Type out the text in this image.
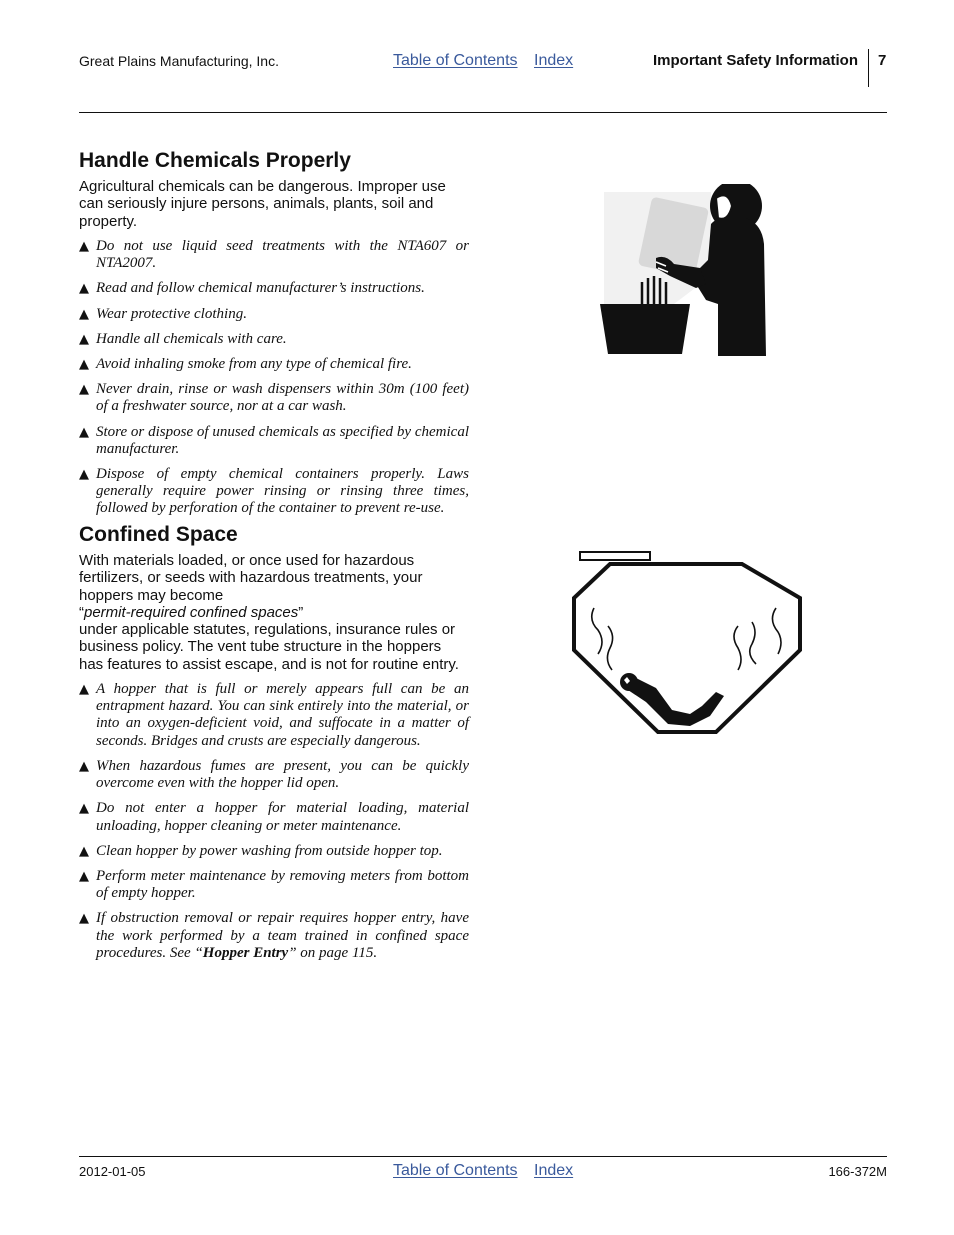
Great Plains Manufacturing, Inc.	Table of Contents Index	Important Safety Information 7
Handle Chemicals Properly

Agricultural chemicals can be dangerous. Improper use can seriously injure persons, animals, plants, soil and property.

▲ Do not use liquid seed treatments with the NTA607 or NTA2007.
▲ Read and follow chemical manufacturer’s instructions.
▲ Wear protective clothing.
▲ Handle all chemicals with care.
▲ Avoid inhaling smoke from any type of chemical fire.
▲ Never drain, rinse or wash dispensers within 30m (100 feet) of a freshwater source, nor at a car wash.
▲ Store or dispose of unused chemicals as specified by chemical manufacturer.
▲ Dispose of empty chemical containers properly. Laws generally require power rinsing or rinsing three times, followed by perforation of the container to prevent re-use.
Confined Space

With materials loaded, or once used for hazardous fertilizers, or seeds with hazardous treatments, your hoppers may become
“permit-required confined spaces”
under applicable statutes, regulations, insurance rules or business policy. The vent tube structure in the hoppers has features to assist escape, and is not for routine entry.

▲ A hopper that is full or merely appears full can be an entrapment hazard. You can sink entirely into the material, or into an oxygen-deficient void, and suffocate in a matter of seconds. Bridges and crusts are especially dangerous.
▲ When hazardous fumes are present, you can be quickly overcome even with the hopper lid open.
▲ Do not enter a hopper for material loading, material unloading, hopper cleaning or meter maintenance.
▲ Clean hopper by power washing from outside hopper top.
▲ Perform meter maintenance by removing meters from bottom of empty hopper.
▲ If obstruction removal or repair requires hopper entry, have the work performed by a team trained in confined space procedures. See “Hopper Entry” on page 115.
2012-01-05	Table of Contents Index	166-372M
